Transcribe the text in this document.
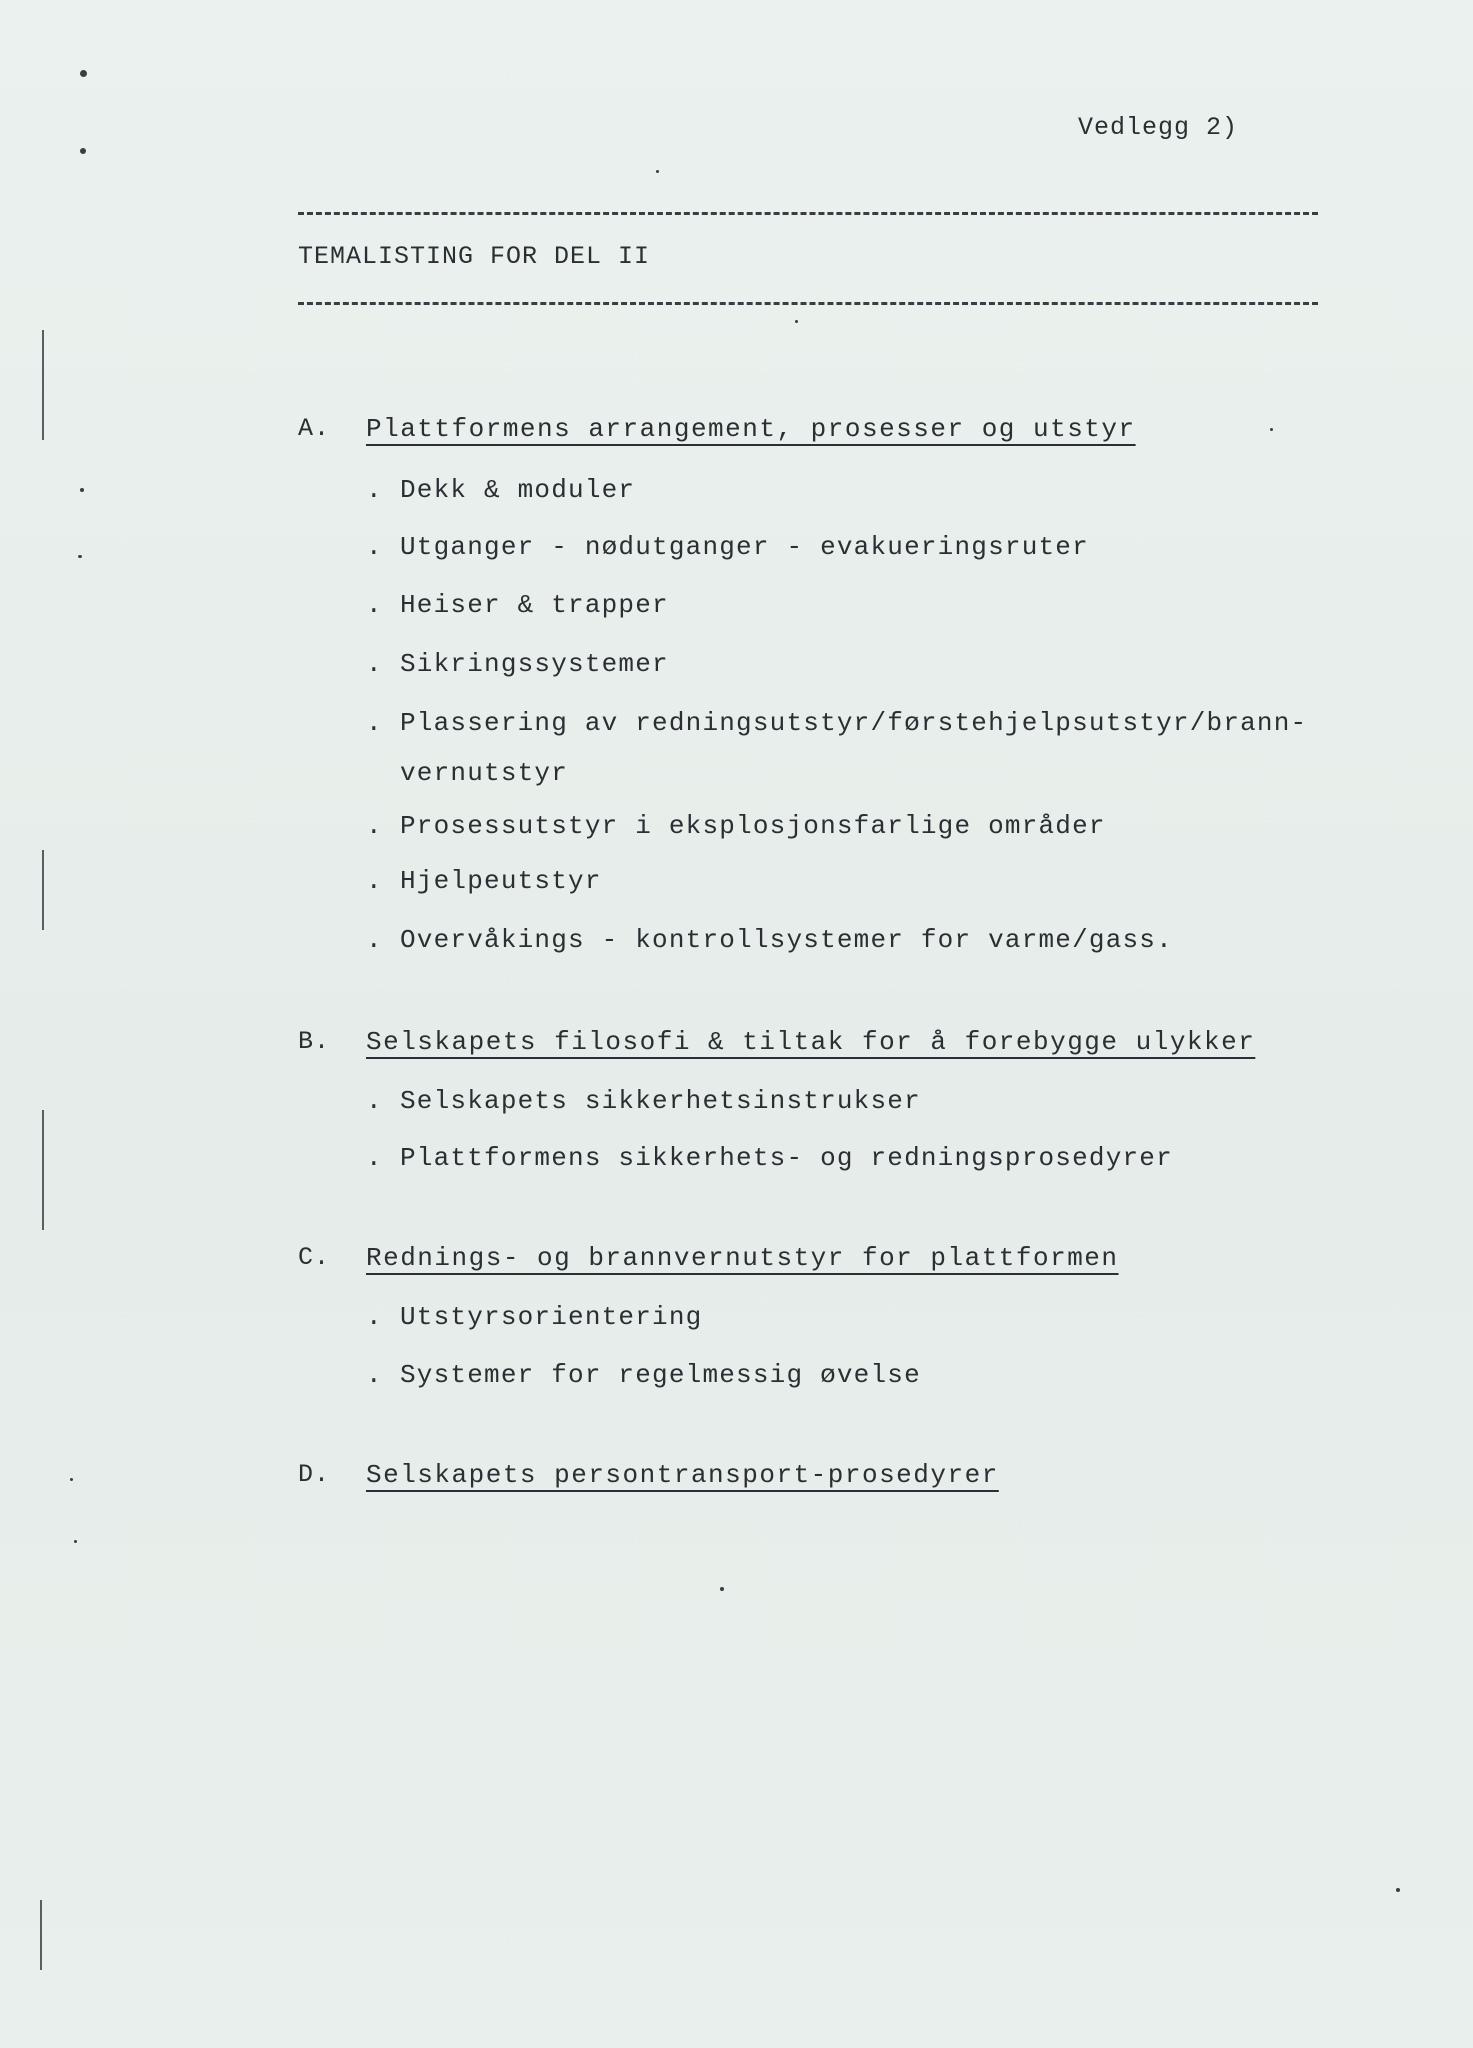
Vedlegg 2)
TEMALISTING FOR DEL II
A. Plattformens arrangement, prosesser og utstyr
. Dekk & moduler
. Utganger - nødutganger - evakueringsruter
. Heiser & trapper
. Sikringssystemer
. Plassering av redningsutstyr/førstehjelpsutstyr/brann-
vernutstyr
. Prosessutstyr i eksplosjonsfarlige områder
. Hjelpeutstyr
. Overvåkings - kontrollsystemer for varme/gass.
B. Selskapets filosofi & tiltak for å forebygge ulykker
. Selskapets sikkerhetsinstrukser
. Plattformens sikkerhets- og redningsprosedyrer
C. Rednings- og brannvernutstyr for plattformen
. Utstyrsorientering
. Systemer for regelmessig øvelse
D. Selskapets persontransport-prosedyrer
